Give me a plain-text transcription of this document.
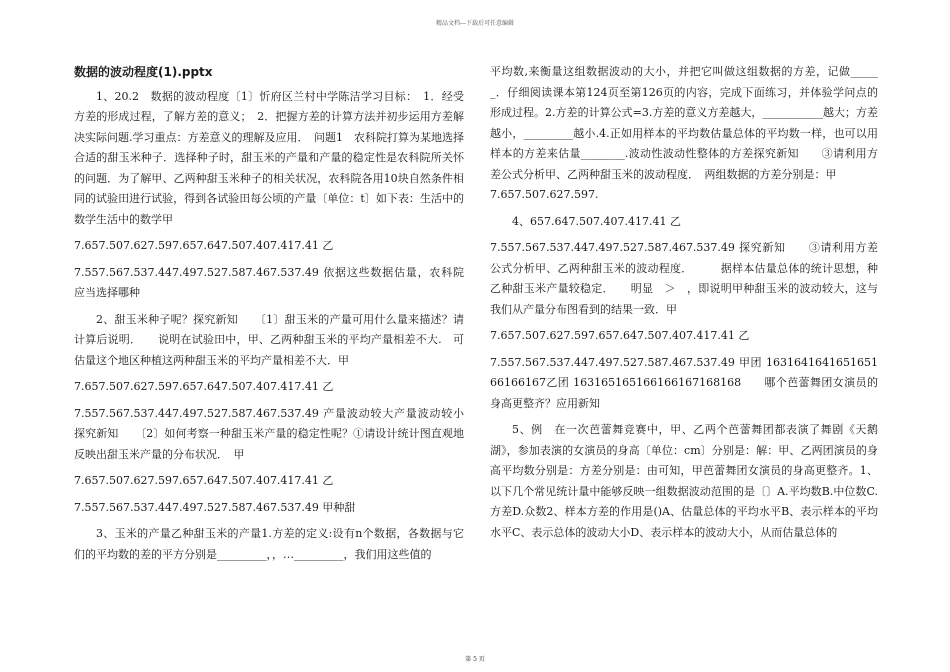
精品文档---下载后可任意编辑
数据的波动程度(1).pptx

1、20.2　数据的波动程度〔1〕忻府区兰村中学陈洁学习目标：　1．经受方差的形成过程，了解方差的意义；　2．把握方差的计算方法并初步运用方差解决实际问题.学习重点：方差意义的理解及应用．　问题1　农科院打算为某地选择合适的甜玉米种子．选择种子时，甜玉米的产量和产量的稳定性是农科院所关怀的问题．为了解甲、乙两种甜玉米种子的相关状况，农科院各用10块自然条件相同的试验田进行试验，得到各试验田每公顷的产量〔单位：t〕如下表：生活中的数学生活中的数学甲

7.657.507.627.597.657.647.507.407.417.41 乙

7.557.567.537.447.497.527.587.467.537.49 依据这些数据估量，农科院应当选择哪种

2、甜玉米种子呢？探究新知　　〔1〕甜玉米的产量可用什么量来描述？请计算后说明．　　说明在试验田中，甲、乙两种甜玉米的平均产量相差不大.　可估量这个地区种植这两种甜玉米的平均产量相差不大．甲

7.657.507.627.597.657.647.507.407.417.41 乙

7.557.567.537.447.497.527.587.467.537.49 产量波动较大产量波动较小探究新知　　〔2〕如何考察一种甜玉米产量的稳定性呢？①请设计统计图直观地反映出甜玉米产量的分布状况．　甲

7.657.507.627.597.657.647.507.407.417.41 乙

7.557.567.537.447.497.527.587.467.537.49 甲种甜

3、玉米的产量乙种甜玉米的产量1.方差的定义:设有n个数据，各数据与它们的平均数的差的平方分别是_________，，…_________，我们用这些值的

平均数,来衡量这组数据波动的大小，并把它叫做这组数据的方差，记做______．仔细阅读课本第124页至第126页的内容，完成下面练习，并体验学问点的形成过程。2.方差的计算公式=3.方差的意义方差越大，___________越大；方差越小，_________越小.4.正如用样本的平均数估量总体的平均数一样，也可以用样本的方差来估量________.波动性波动性整体的方差探究新知　　③请利用方差公式分析甲、乙两种甜玉米的波动程度．　两组数据的方差分别是：甲

7.657.507.627.597.

4、657.647.507.407.417.41 乙

7.557.567.537.447.497.527.587.467.537.49 探究新知　　③请利用方差公式分析甲、乙两种甜玉米的波动程度．　　　据样本估量总体的统计思想，种乙种甜玉米产量较稳定．　　明显　＞　，即说明甲种甜玉米的波动较大，这与我们从产量分布图看到的结果一致．甲

7.657.507.627.597.657.647.507.407.417.41 乙

7.557.567.537.447.497.527.587.467.537.49 甲团 163164164165165166166167乙团 163165165166166167168168　　哪个芭蕾舞团女演员的身高更整齐？应用新知

5、例　在一次芭蕾舞竞赛中，甲、乙两个芭蕾舞团都表演了舞剧《天鹅湖》，参加表演的女演员的身高〔单位：cm〕分别是：解：甲、乙两团演员的身高平均数分别是：方差分别是：由可知，甲芭蕾舞团女演员的身高更整齐。1、以下几个常见统计量中能够反映一组数据波动范围的是〔〕A.平均数B.中位数C.方差D.众数2、样本方差的作用是()A、估量总体的平均水平B、表示样本的平均水平C、表示总体的波动大小D、表示样本的波动大小，从而估量总体的

第 5 页
